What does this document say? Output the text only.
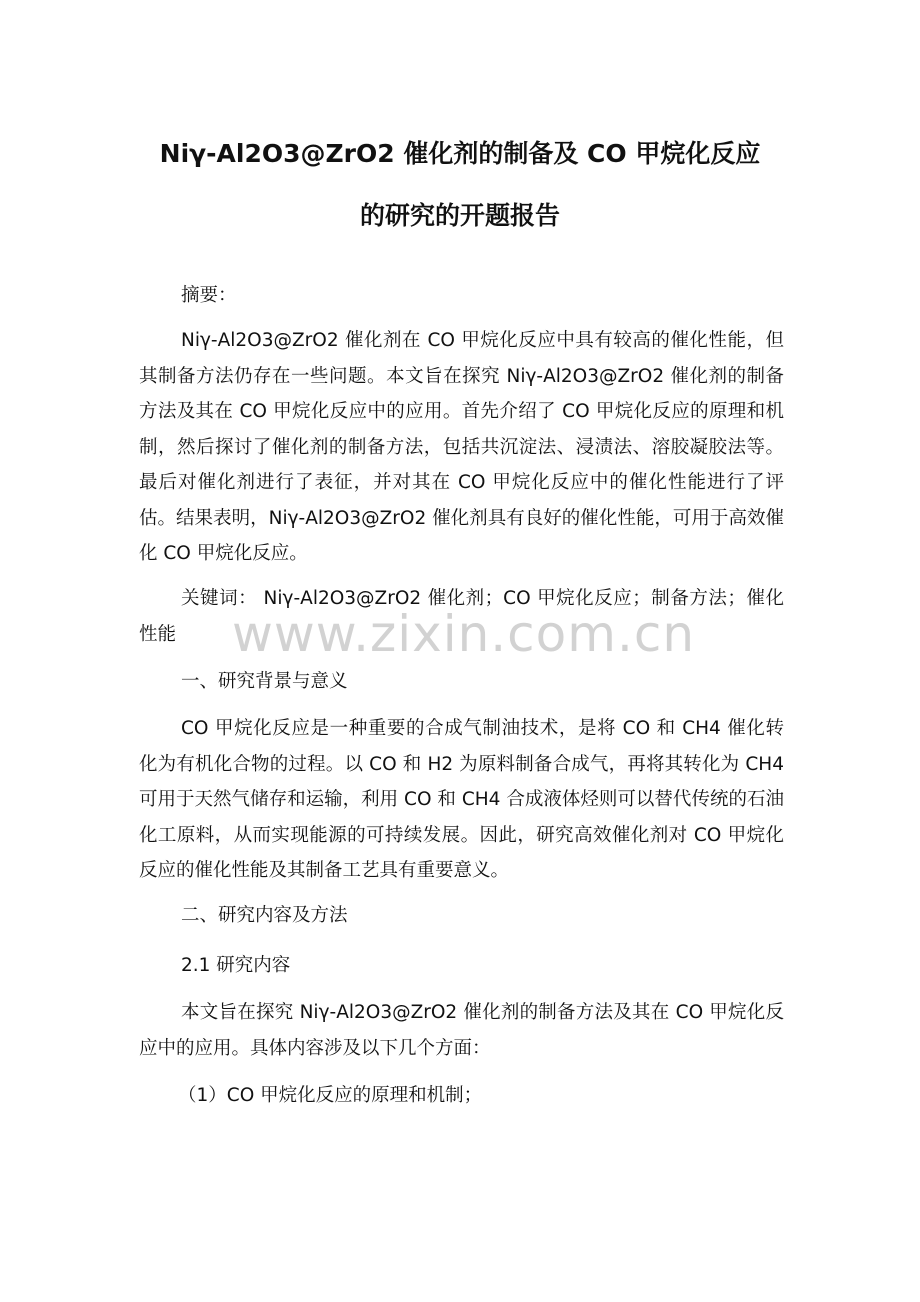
Niγ-Al2O3@ZrO2 催化剂的制备及 CO 甲烷化反应
的研究的开题报告
摘要：

Niγ-Al2O3@ZrO2 催化剂在 CO 甲烷化反应中具有较高的催化性能，但其制备方法仍存在一些问题。本文旨在探究 Niγ-Al2O3@ZrO2 催化剂的制备方法及其在 CO 甲烷化反应中的应用。首先介绍了 CO 甲烷化反应的原理和机制，然后探讨了催化剂的制备方法，包括共沉淀法、浸渍法、溶胶凝胶法等。最后对催化剂进行了表征，并对其在 CO 甲烷化反应中的催化性能进行了评估。结果表明，Niγ-Al2O3@ZrO2 催化剂具有良好的催化性能，可用于高效催化 CO 甲烷化反应。

关键词： Niγ-Al2O3@ZrO2 催化剂；CO 甲烷化反应；制备方法；催化性能	www.zixin.com.cn
一、研究背景与意义

CO 甲烷化反应是一种重要的合成气制油技术，是将 CO 和 CH4 催化转化为有机化合物的过程。以 CO 和 H2 为原料制备合成气，再将其转化为 CH4 可用于天然气储存和运输，利用 CO 和 CH4 合成液体烃则可以替代传统的石油化工原料，从而实现能源的可持续发展。因此，研究高效催化剂对 CO 甲烷化反应的催化性能及其制备工艺具有重要意义。

二、研究内容及方法
2.1 研究内容

本文旨在探究 Niγ-Al2O3@ZrO2 催化剂的制备方法及其在 CO 甲烷化反应中的应用。具体内容涉及以下几个方面：

（1）CO 甲烷化反应的原理和机制；
